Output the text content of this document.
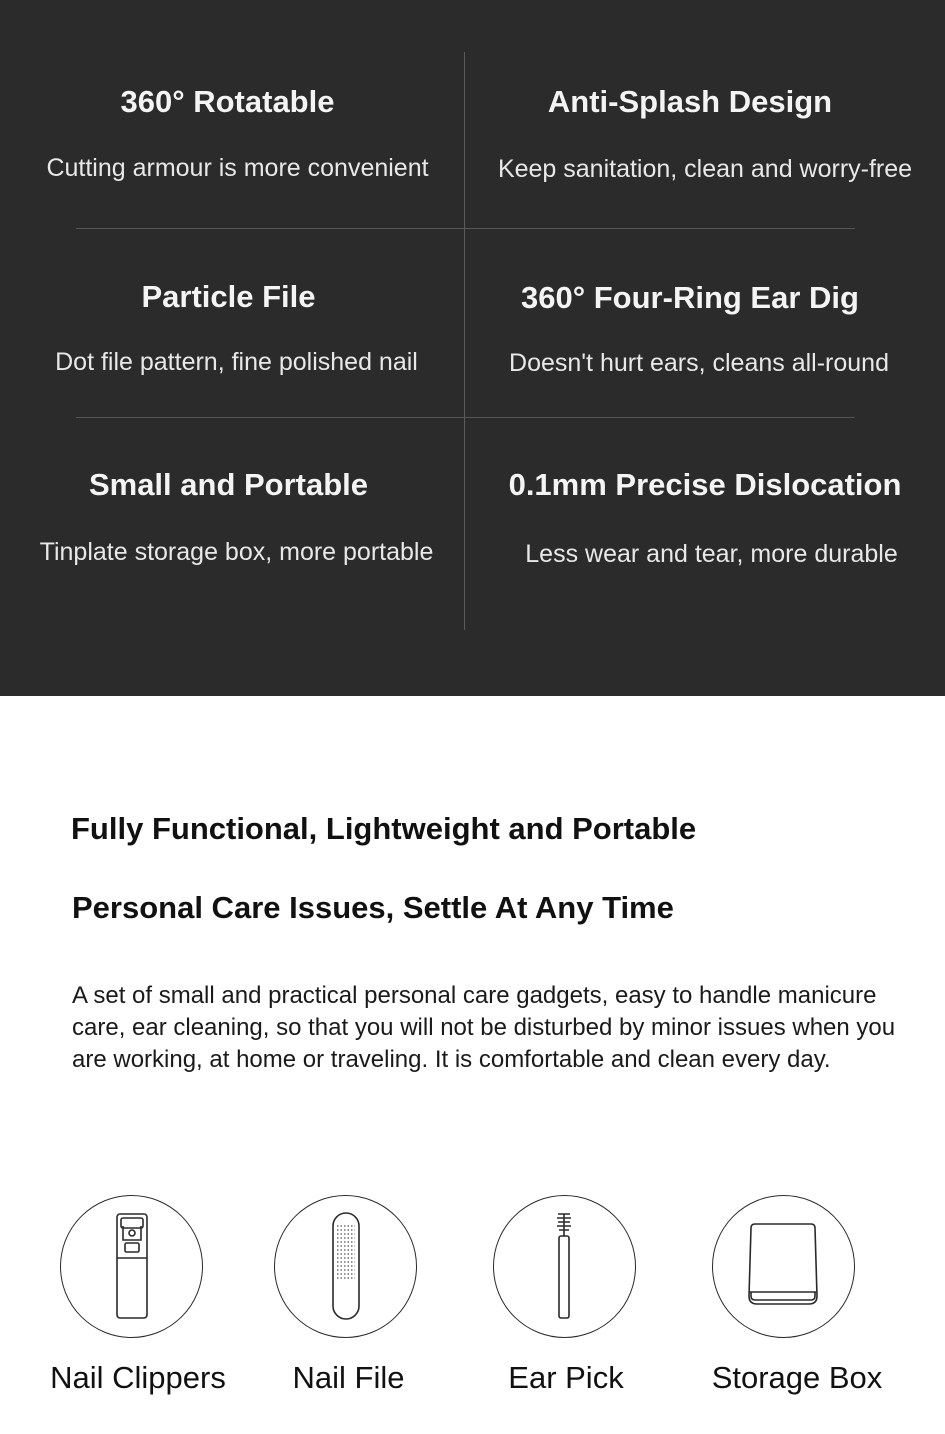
360° Rotatable
Cutting armour is more convenient
Anti-Splash Design
Keep sanitation, clean and worry-free
Particle File
Dot file pattern, fine polished nail
360° Four-Ring Ear Dig
Doesn't hurt ears, cleans all-round
Small and Portable
Tinplate storage box, more portable
0.1mm Precise Dislocation
Less wear and tear, more durable
Fully Functional, Lightweight and Portable
Personal Care Issues, Settle At Any Time
A set of small and practical personal care gadgets, easy to handle manicure care, ear cleaning, so that you will not be disturbed by minor issues when you are working, at home or traveling. It is comfortable and clean every day.
Nail Clippers	Nail File	Ear Pick	Storage Box
